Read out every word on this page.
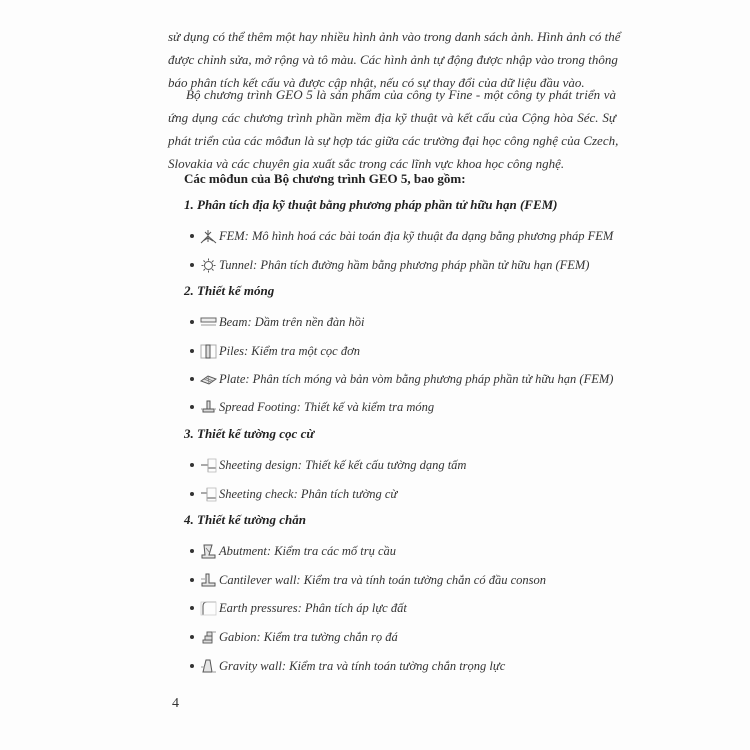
sử dụng có thể thêm một hay nhiều hình ảnh vào trong danh sách ảnh. Hình ảnh có thể
được chỉnh sửa, mở rộng và tô màu. Các hình ảnh tự động được nhập vào trong thông
báo phân tích kết cấu và được cập nhật, nếu có sự thay đổi của dữ liệu đầu vào.
Bộ chương trình GEO 5 là sản phẩm của công ty Fine - một công ty phát triển và
ứng dụng các chương trình phần mềm địa kỹ thuật và kết cấu của Cộng hòa Séc. Sự
phát triển của các môđun là sự hợp tác giữa các trường đại học công nghệ của Czech,
Slovakia và các chuyên gia xuất sắc trong các lĩnh vực khoa học công nghệ.
Các môđun của Bộ chương trình GEO 5, bao gồm:
1. Phân tích địa kỹ thuật bằng phương pháp phần tử hữu hạn (FEM)
FEM: Mô hình hoá các bài toán địa kỹ thuật đa dạng bằng phương pháp FEM
Tunnel: Phân tích đường hầm bằng phương pháp phần tử hữu hạn (FEM)
2. Thiết kế móng
Beam: Dầm trên nền đàn hồi
Piles: Kiểm tra một cọc đơn
Plate: Phân tích móng và bản vòm bằng phương pháp phần tử hữu hạn (FEM)
Spread Footing: Thiết kế và kiểm tra móng
3. Thiết kế tường cọc cừ
Sheeting design: Thiết kế kết cấu tường dạng tấm
Sheeting check: Phân tích tường cừ
4. Thiết kế tường chắn
Abutment: Kiểm tra các mố trụ cầu
Cantilever wall: Kiểm tra và tính toán tường chắn có đầu conson
Earth pressures: Phân tích áp lực đất
Gabion: Kiểm tra tường chắn rọ đá
Gravity wall: Kiểm tra và tính toán tường chắn trọng lực
4
